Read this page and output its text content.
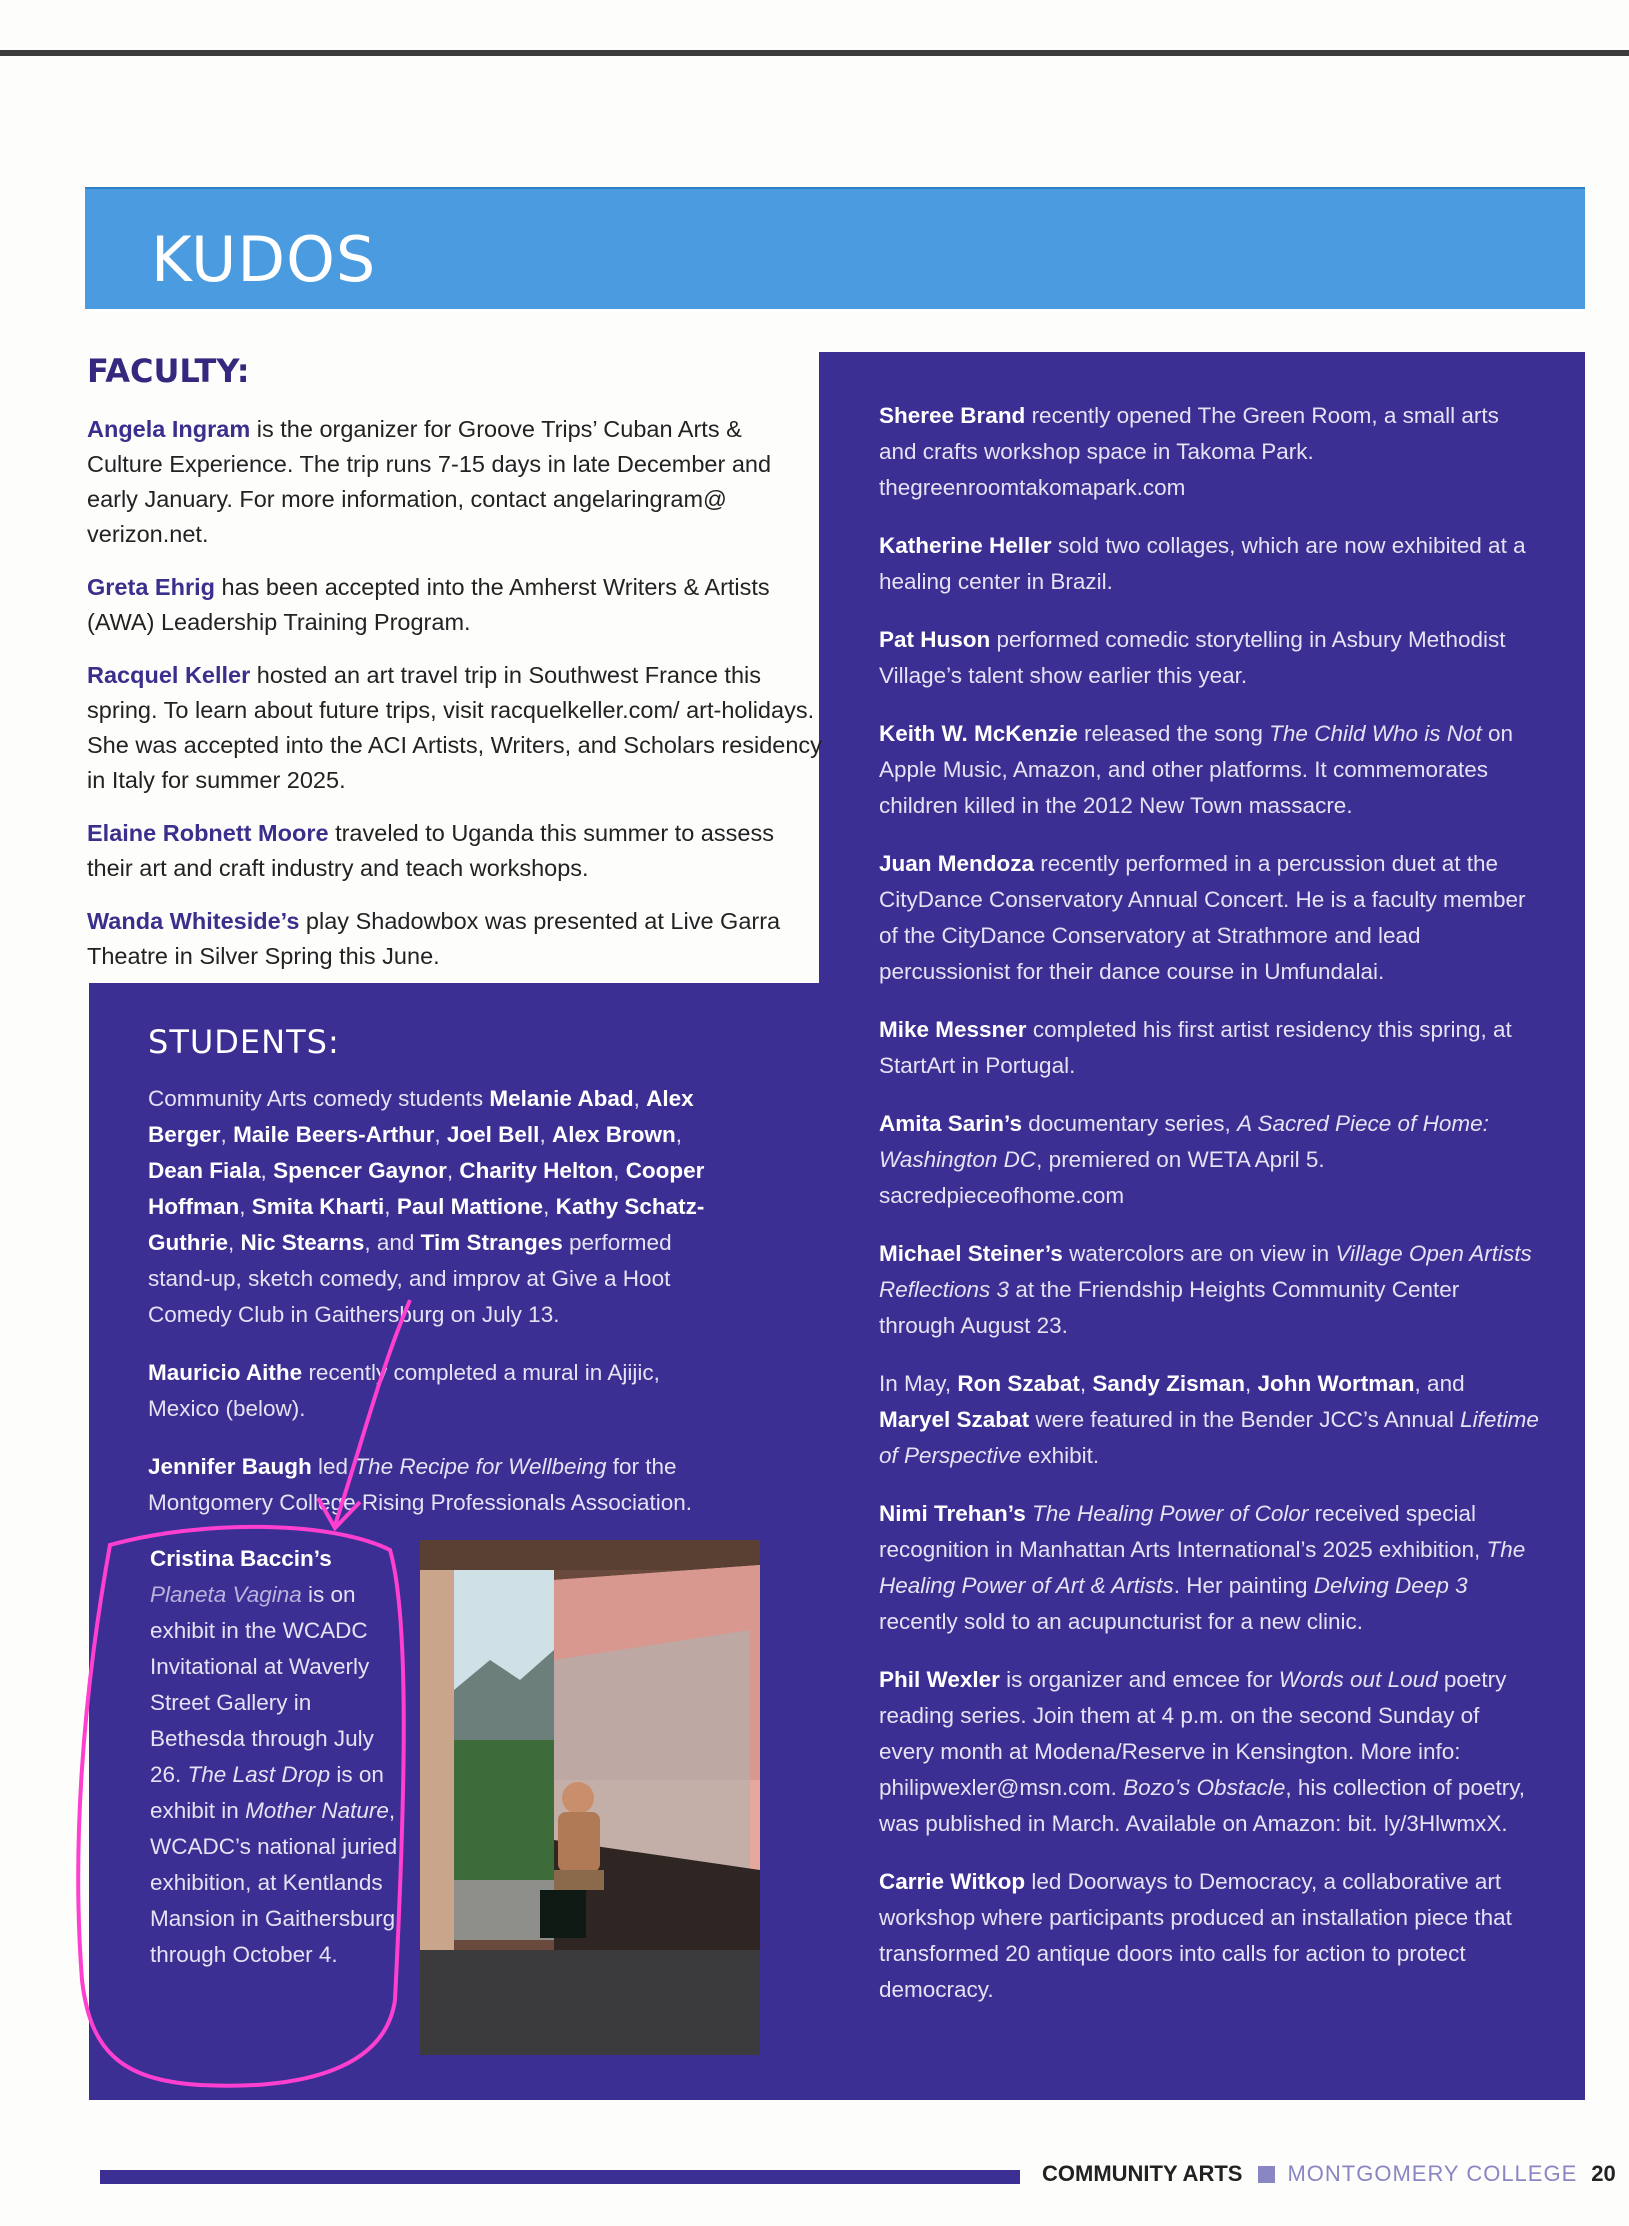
KUDOS
FACULTY:

Angela Ingram is the organizer for Groove Trips’ Cuban Arts & Culture Experience. The trip runs 7-15 days in late December and early January. For more information, contact angelaringram@ verizon.net.

Greta Ehrig has been accepted into the Amherst Writers & Artists (AWA) Leadership Training Program.

Racquel Keller hosted an art travel trip in Southwest France this spring. To learn about future trips, visit racquelkeller.com/ art-holidays. She was accepted into the ACI Artists, Writers, and Scholars residency in Italy for summer 2025.

Elaine Robnett Moore traveled to Uganda this summer to assess their art and craft industry and teach workshops.

Wanda Whiteside’s play Shadowbox was presented at Live Garra Theatre in Silver Spring this June.

Sheree Brand recently opened The Green Room, a small arts and crafts workshop space in Takoma Park. thegreenroomtakomapark.com

Katherine Heller sold two collages, which are now exhibited at a healing center in Brazil.

Pat Huson performed comedic storytelling in Asbury Methodist Village’s talent show earlier this year.

Keith W. McKenzie released the song The Child Who is Not on Apple Music, Amazon, and other platforms. It commemorates children killed in the 2012 New Town massacre.

Juan Mendoza recently performed in a percussion duet at the CityDance Conservatory Annual Concert. He is a faculty member of the CityDance Conservatory at Strathmore and lead percussionist for their dance course in Umfundalai.

Mike Messner completed his first artist residency this spring, at StartArt in Portugal.

Amita Sarin’s documentary series, A Sacred Piece of Home: Washington DC, premiered on WETA April 5. sacredpieceofhome.com

Michael Steiner’s watercolors are on view in Village Open Artists Reflections 3 at the Friendship Heights Community Center through August 23.

In May, Ron Szabat, Sandy Zisman, John Wortman, and Maryel Szabat were featured in the Bender JCC’s Annual Lifetime of Perspective exhibit.

Nimi Trehan’s The Healing Power of Color received special recognition in Manhattan Arts International’s 2025 exhibition, The Healing Power of Art & Artists. Her painting Delving Deep 3 recently sold to an acupuncturist for a new clinic.

Phil Wexler is organizer and emcee for Words out Loud poetry reading series. Join them at 4 p.m. on the second Sunday of every month at Modena/Reserve in Kensington. More info: philipwexler@msn.com. Bozo’s Obstacle, his collection of poetry, was published in March. Available on Amazon: bit. ly/3HlwmxX.

Carrie Witkop led Doorways to Democracy, a collaborative art workshop where participants produced an installation piece that transformed 20 antique doors into calls for action to protect democracy.

STUDENTS:

Community Arts comedy students Melanie Abad, Alex Berger, Maile Beers-Arthur, Joel Bell, Alex Brown, Dean Fiala, Spencer Gaynor, Charity Helton, Cooper Hoffman, Smita Kharti, Paul Mattione, Kathy Schatz-Guthrie, Nic Stearns, and Tim Stranges performed stand-up, sketch comedy, and improv at Give a Hoot Comedy Club in Gaithersburg on July 13.

Mauricio Aithe recently completed a mural in Ajijic, Mexico (below).

Jennifer Baugh led The Recipe for Wellbeing for the Montgomery College Rising Professionals Association.

Cristina Baccin’s Planeta Vagina is on exhibit in the WCADC Invitational at Waverly Street Gallery in Bethesda through July 26. The Last Drop is on exhibit in Mother Nature, WCADC’s national juried exhibition, at Kentlands Mansion in Gaithersburg through October 4.
COMMUNITY ARTS MONTGOMERY COLLEGE 20
